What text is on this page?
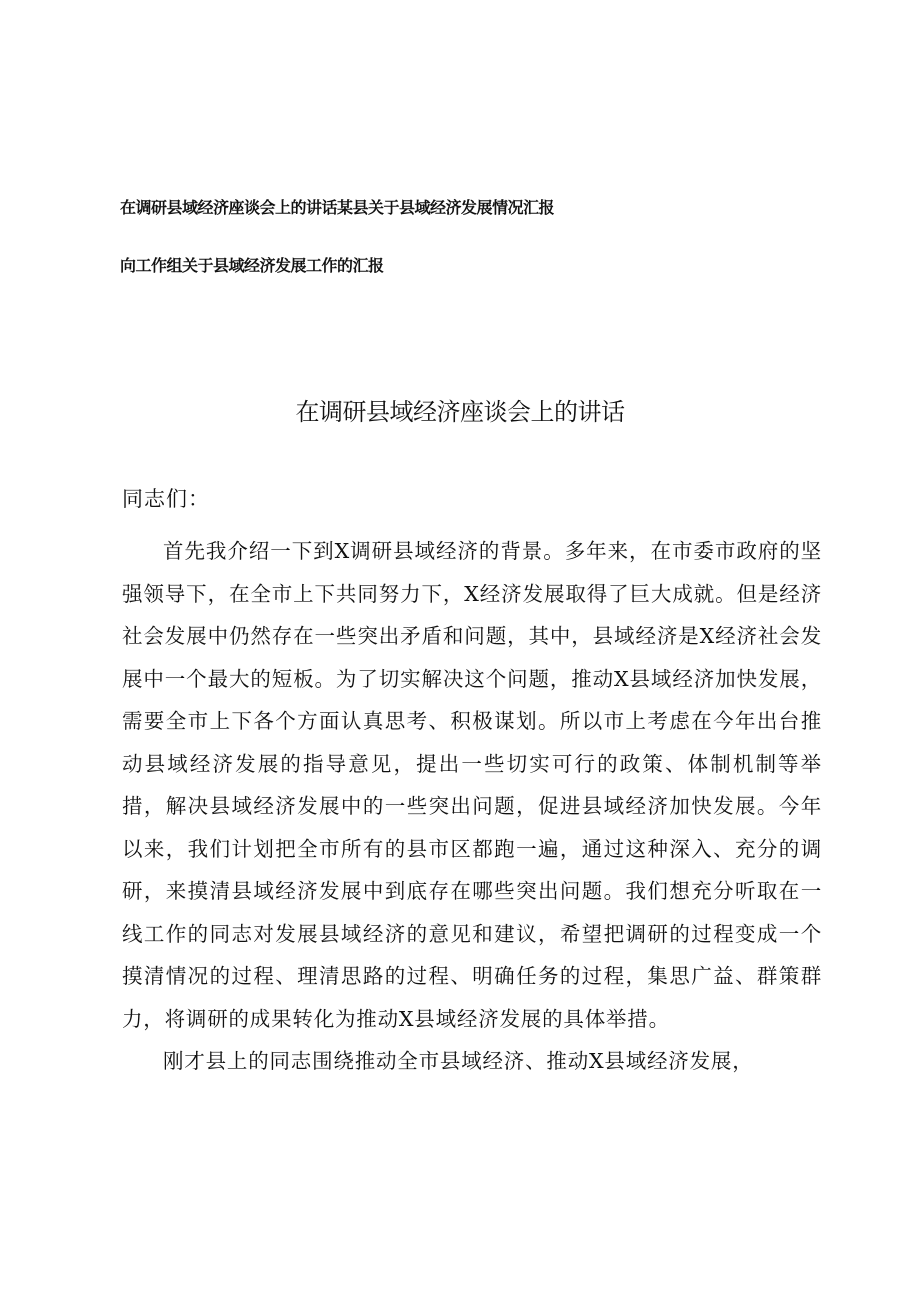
在调研县域经济座谈会上的讲话某县关于县域经济发展情况汇报
向工作组关于县域经济发展工作的汇报
在调研县域经济座谈会上的讲话
同志们：

首先我介绍一下到X调研县域经济的背景。多年来，在市委市政府的坚强领导下，在全市上下共同努力下，X经济发展取得了巨大成就。但是经济社会发展中仍然存在一些突出矛盾和问题，其中，县域经济是X经济社会发展中一个最大的短板。为了切实解决这个问题，推动X县域经济加快发展，需要全市上下各个方面认真思考、积极谋划。所以市上考虑在今年出台推动县域经济发展的指导意见，提出一些切实可行的政策、体制机制等举措，解决县域经济发展中的一些突出问题，促进县域经济加快发展。今年以来，我们计划把全市所有的县市区都跑一遍，通过这种深入、充分的调研，来摸清县域经济发展中到底存在哪些突出问题。我们想充分听取在一线工作的同志对发展县域经济的意见和建议，希望把调研的过程变成一个摸清情况的过程、理清思路的过程、明确任务的过程，集思广益、群策群力，将调研的成果转化为推动X县域经济发展的具体举措。

刚才县上的同志围绕推动全市县域经济、推动X县域经济发展，
